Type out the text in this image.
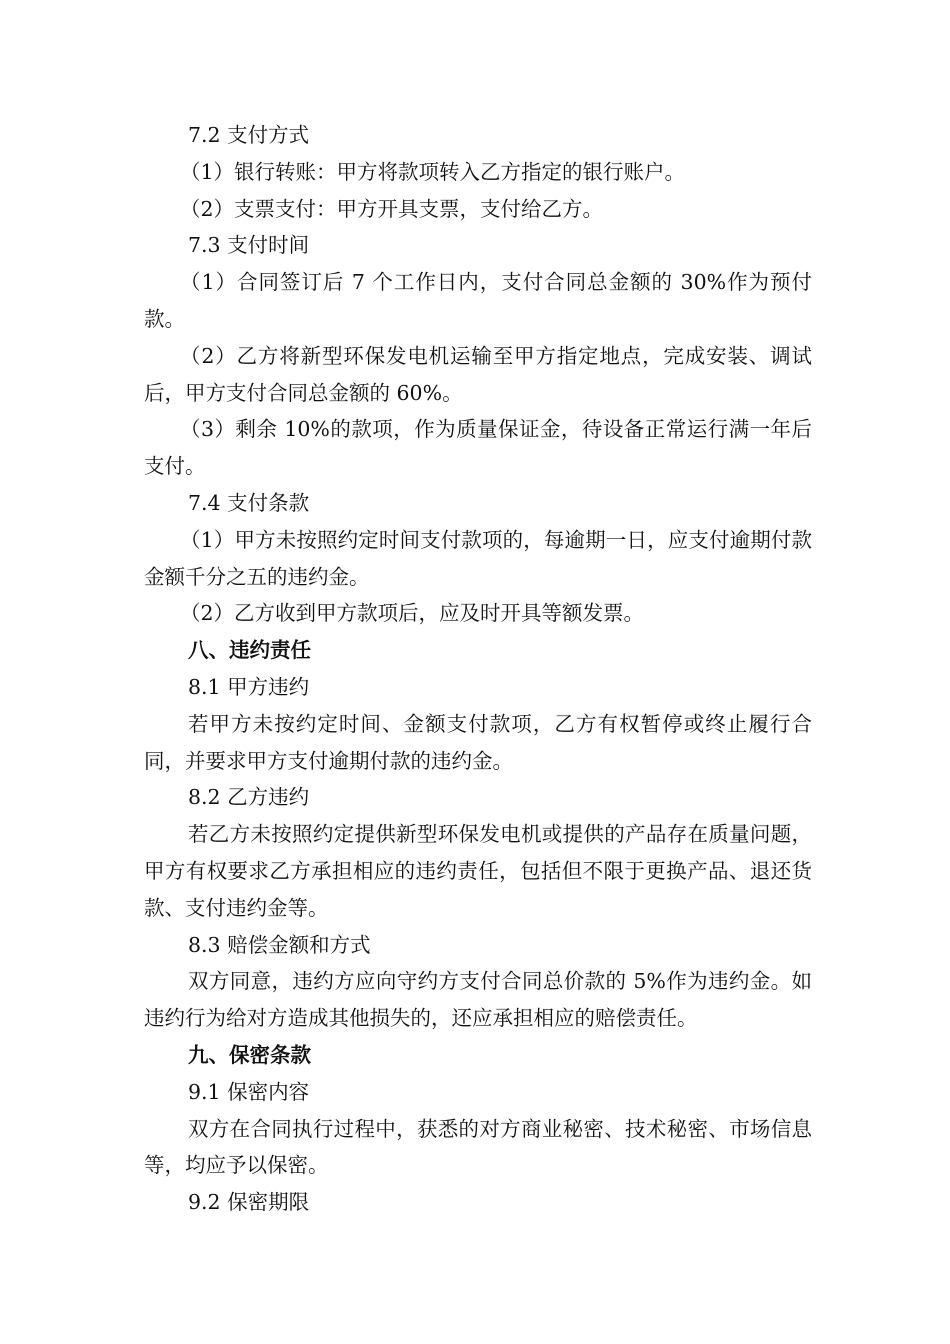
7.2 支付方式

（1）银行转账：甲方将款项转入乙方指定的银行账户。

（2）支票支付：甲方开具支票，支付给乙方。

7.3 支付时间

（1）合同签订后 7 个工作日内，支付合同总金额的 30%作为预付款。

（2）乙方将新型环保发电机运输至甲方指定地点，完成安装、调试后，甲方支付合同总金额的 60%。

（3）剩余 10%的款项，作为质量保证金，待设备正常运行满一年后支付。

7.4 支付条款

（1）甲方未按照约定时间支付款项的，每逾期一日，应支付逾期付款金额千分之五的违约金。

（2）乙方收到甲方款项后，应及时开具等额发票。

八、违约责任

8.1 甲方违约

若甲方未按约定时间、金额支付款项，乙方有权暂停或终止履行合同，并要求甲方支付逾期付款的违约金。

8.2 乙方违约

若乙方未按照约定提供新型环保发电机或提供的产品存在质量问题，甲方有权要求乙方承担相应的违约责任，包括但不限于更换产品、退还货款、支付违约金等。

8.3 赔偿金额和方式

双方同意，违约方应向守约方支付合同总价款的 5%作为违约金。如违约行为给对方造成其他损失的，还应承担相应的赔偿责任。

九、保密条款

9.1 保密内容

双方在合同执行过程中，获悉的对方商业秘密、技术秘密、市场信息等，均应予以保密。

9.2 保密期限
